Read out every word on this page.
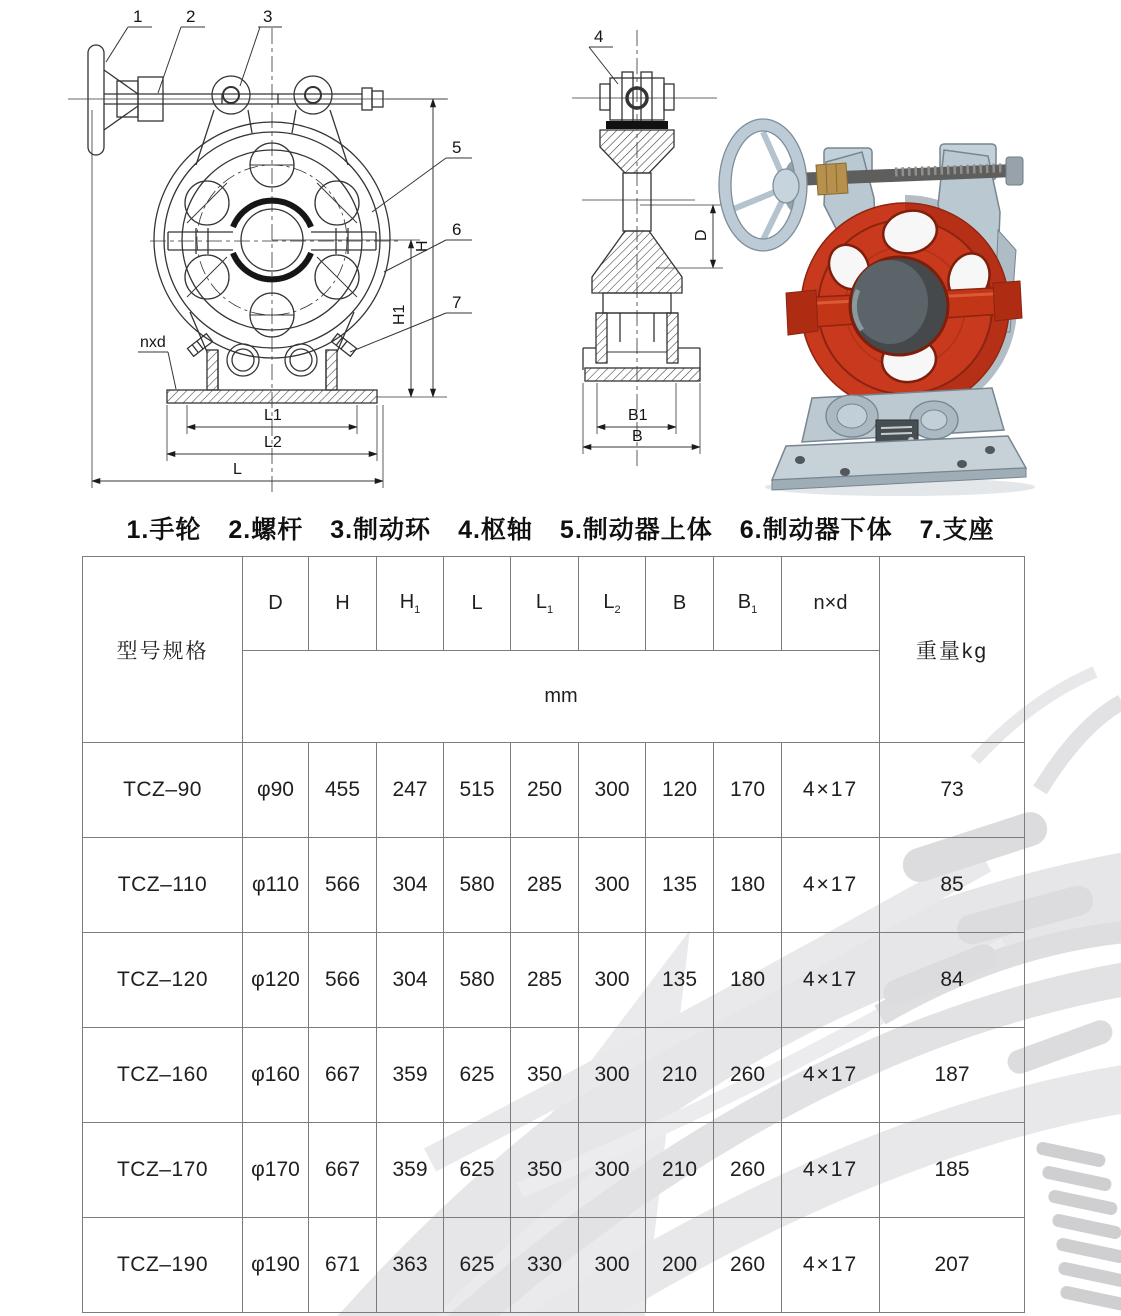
1	2	3
5
6
7
nxd
L1
L2
L
H1
H
4
B1
B
D
1.手轮 2.螺杆 3.制动环 4.枢轴 5.制动器上体 6.制动器下体 7.支座
型号规格	D	H	$H_1$	L	$L_1$	$L_2$	B	$B_1$	n×d	重量kg
	mm									
TCZ–90	φ90	455	247	515	250	300	120	170	4×17	73
TCZ–110	φ110	566	304	580	285	300	135	180	4×17	85
TCZ–120	φ120	566	304	580	285	300	135	180	4×17	84
TCZ–160	φ160	667	359	625	350	300	210	260	4×17	187
TCZ–170	φ170	667	359	625	350	300	210	260	4×17	185
TCZ–190	φ190	671	363	625	330	300	200	260	4×17	207
